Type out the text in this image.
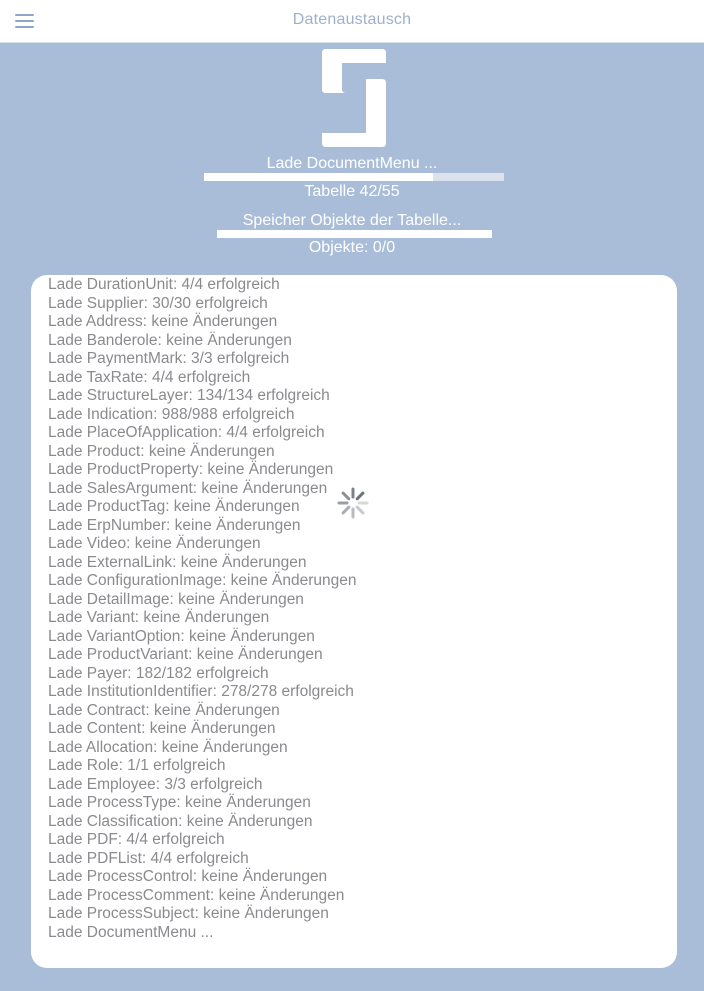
Datenaustausch
Lade DocumentMenu ...
Tabelle 42/55
Speicher Objekte der Tabelle...
Objekte: 0/0
Lade DurationUnit: 4/4 erfolgreich
Lade Supplier: 30/30 erfolgreich
Lade Address: keine Änderungen
Lade Banderole: keine Änderungen
Lade PaymentMark: 3/3 erfolgreich
Lade TaxRate: 4/4 erfolgreich
Lade StructureLayer: 134/134 erfolgreich
Lade Indication: 988/988 erfolgreich
Lade PlaceOfApplication: 4/4 erfolgreich
Lade Product: keine Änderungen
Lade ProductProperty: keine Änderungen
Lade SalesArgument: keine Änderungen
Lade ProductTag: keine Änderungen
Lade ErpNumber: keine Änderungen
Lade Video: keine Änderungen
Lade ExternalLink: keine Änderungen
Lade ConfigurationImage: keine Änderungen
Lade DetailImage: keine Änderungen
Lade Variant: keine Änderungen
Lade VariantOption: keine Änderungen
Lade ProductVariant: keine Änderungen
Lade Payer: 182/182 erfolgreich
Lade InstitutionIdentifier: 278/278 erfolgreich
Lade Contract: keine Änderungen
Lade Content: keine Änderungen
Lade Allocation: keine Änderungen
Lade Role: 1/1 erfolgreich
Lade Employee: 3/3 erfolgreich
Lade ProcessType: keine Änderungen
Lade Classification: keine Änderungen
Lade PDF: 4/4 erfolgreich
Lade PDFList: 4/4 erfolgreich
Lade ProcessControl: keine Änderungen
Lade ProcessComment: keine Änderungen
Lade ProcessSubject: keine Änderungen
Lade DocumentMenu ...
